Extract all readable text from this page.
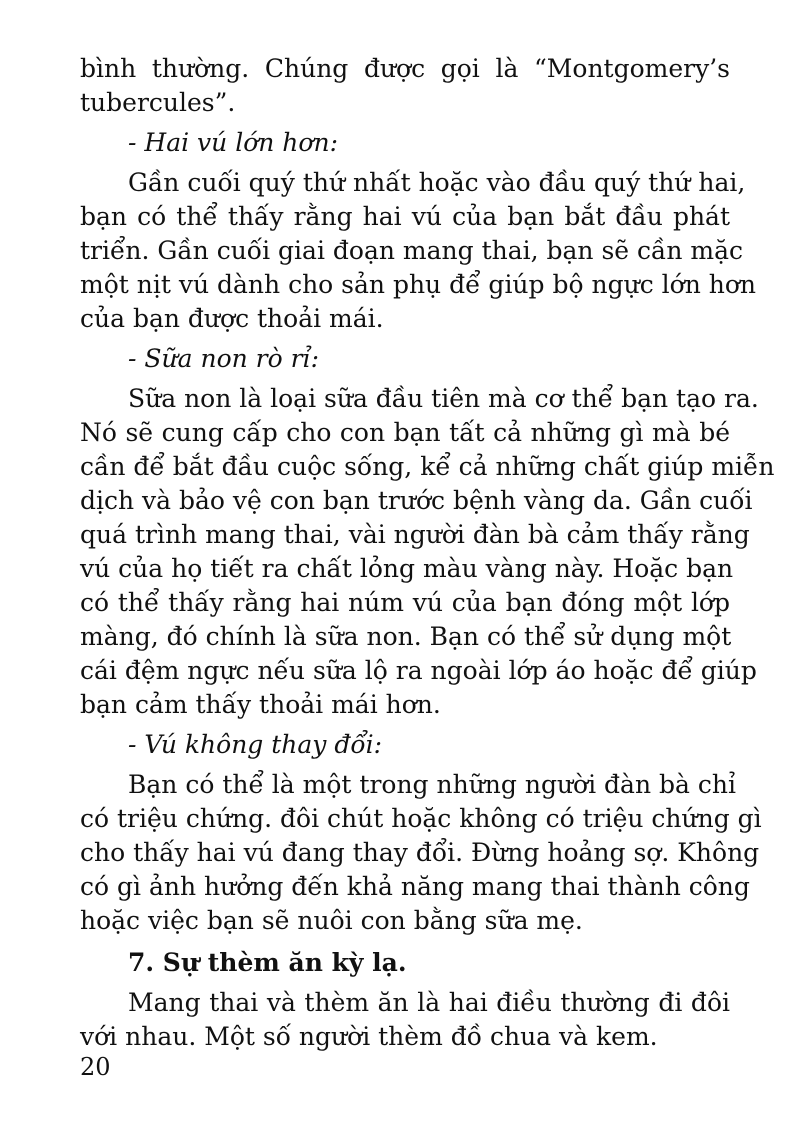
bình thường. Chúng được gọi là “Montgomery’s
tubercules”.
- Hai vú lớn hơn:
Gần cuối quý thứ nhất hoặc vào đầu quý thứ hai,
bạn có thể thấy rằng hai vú của bạn bắt đầu phát
triển. Gần cuối giai đoạn mang thai, bạn sẽ cần mặc
một nịt vú dành cho sản phụ để giúp bộ ngực lớn hơn
của bạn được thoải mái.
- Sữa non rò rỉ:
Sữa non là loại sữa đầu tiên mà cơ thể bạn tạo ra.
Nó sẽ cung cấp cho con bạn tất cả những gì mà bé
cần để bắt đầu cuộc sống, kể cả những chất giúp miễn
dịch và bảo vệ con bạn trước bệnh vàng da. Gần cuối
quá trình mang thai, vài người đàn bà cảm thấy rằng
vú của họ tiết ra chất lỏng màu vàng này. Hoặc bạn
có thể thấy rằng hai núm vú của bạn đóng một lớp
màng, đó chính là sữa non. Bạn có thể sử dụng một
cái đệm ngực nếu sữa lộ ra ngoài lớp áo hoặc để giúp
bạn cảm thấy thoải mái hơn.
- Vú không thay đổi:
Bạn có thể là một trong những người đàn bà chỉ
có triệu chứng. đôi chút hoặc không có triệu chứng gì
cho thấy hai vú đang thay đổi. Đừng hoảng sợ. Không
có gì ảnh hưởng đến khả năng mang thai thành công
hoặc việc bạn sẽ nuôi con bằng sữa mẹ.
7. Sự thèm ăn kỳ lạ.
Mang thai và thèm ăn là hai điều thường đi đôi
với nhau. Một số người thèm đồ chua và kem.
20
